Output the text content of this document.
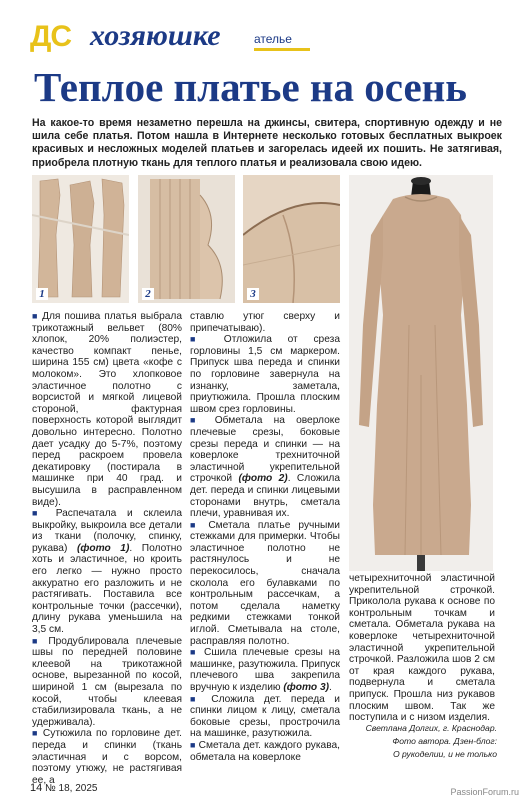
ДС хозяюшке	ателье
Теплое платье на осень
На какое-то время незаметно перешла на джинсы, свитера, спортивную одежду и не шила себе платья. Потом нашла в Интернете несколько готовых бесплатных выкроек красивых и несложных моделей платьев и загорелась идеей их пошить. Не затягивая, приобрела плотную ткань для теплого платья и реализовала свою идею.
1	2	3

■ Для пошива платья выбрала трикотажный вельвет (80% хлопок, 20% полиэстер, качество компакт пенье, ширина 155 см) цвета «кофе с молоком». Это хлопковое эластичное полотно с ворсистой и мягкой лицевой стороной, фактурная поверхность которой выглядит довольно интересно. Полотно дает усадку до 5-7%, поэтому перед раскроем провела декатировку (постирала в машинке при 40 град. и высушила в расправленном виде).

■ Распечатала и склеила выкройку, выкроила все детали из ткани (полочку, спинку, рукава) (фото 1). Полотно хоть и эластичное, но кроить его легко — нужно просто аккуратно его разложить и не растягивать. Поставила все контрольные точки (рассечки), длину рукава уменьшила на 3,5 см.

■ Продублировала плечевые швы по передней половине клеевой на трикотажной основе, вырезанной по косой, шириной 1 см (вырезала по косой, чтобы клеевая стабилизировала ткань, а не удерживала).

■ Сутюжила по горловине дет. переда и спинки (ткань эластичная и с ворсом, поэтому утюжу, не растягивая ее, а

ставлю утюг сверху и припечатываю).

■ Отложила от среза горловины 1,5 см маркером. Припуск шва переда и спинки по горловине завернула на изнанку, заметала, приутюжила. Прошла плоским швом срез горловины.

■ Обметала на оверлоке плечевые срезы, боковые срезы переда и спинки — на коверлоке трехниточной эластичной укрепительной строчкой (фото 2). Сложила дет. переда и спинки лицевыми сторонами внутрь, сметала плечи, уравнивая их.

■ Сметала платье ручными стежками для примерки. Чтобы эластичное полотно не растянулось и не перекосилось, сначала сколола его булавками по контрольным рассечкам, а потом сделала наметку редкими стежками тонкой иглой. Сметывала на столе, расправляя полотно.

■ Сшила плечевые срезы на машинке, разутюжила. Припуск плечевого шва закрепила вручную к изделию (фото 3).

■ Сложила дет. переда и спинки лицом к лицу, сметала боковые срезы, прострочила на машинке, разутюжила.

■ Сметала дет. каждого рукава, обметала на коверлоке

четырехниточной эластичной укрепительной строчкой. Приколола рукава к основе по контрольным точкам и сметала. Обметала рукава на коверлоке четырехниточной эластичной укрепительной строчкой. Разложила шов 2 см от края каждого рукава, подвернула и сметала припуск. Прошла низ рукавов плоским швом. Так же поступила и с низом изделия.

Светлана Долгих, г. Краснодар.
Фото автора. Дзен-блог:
О рукоделии, и не только
14 № 18, 2025	PassionForum.ru
